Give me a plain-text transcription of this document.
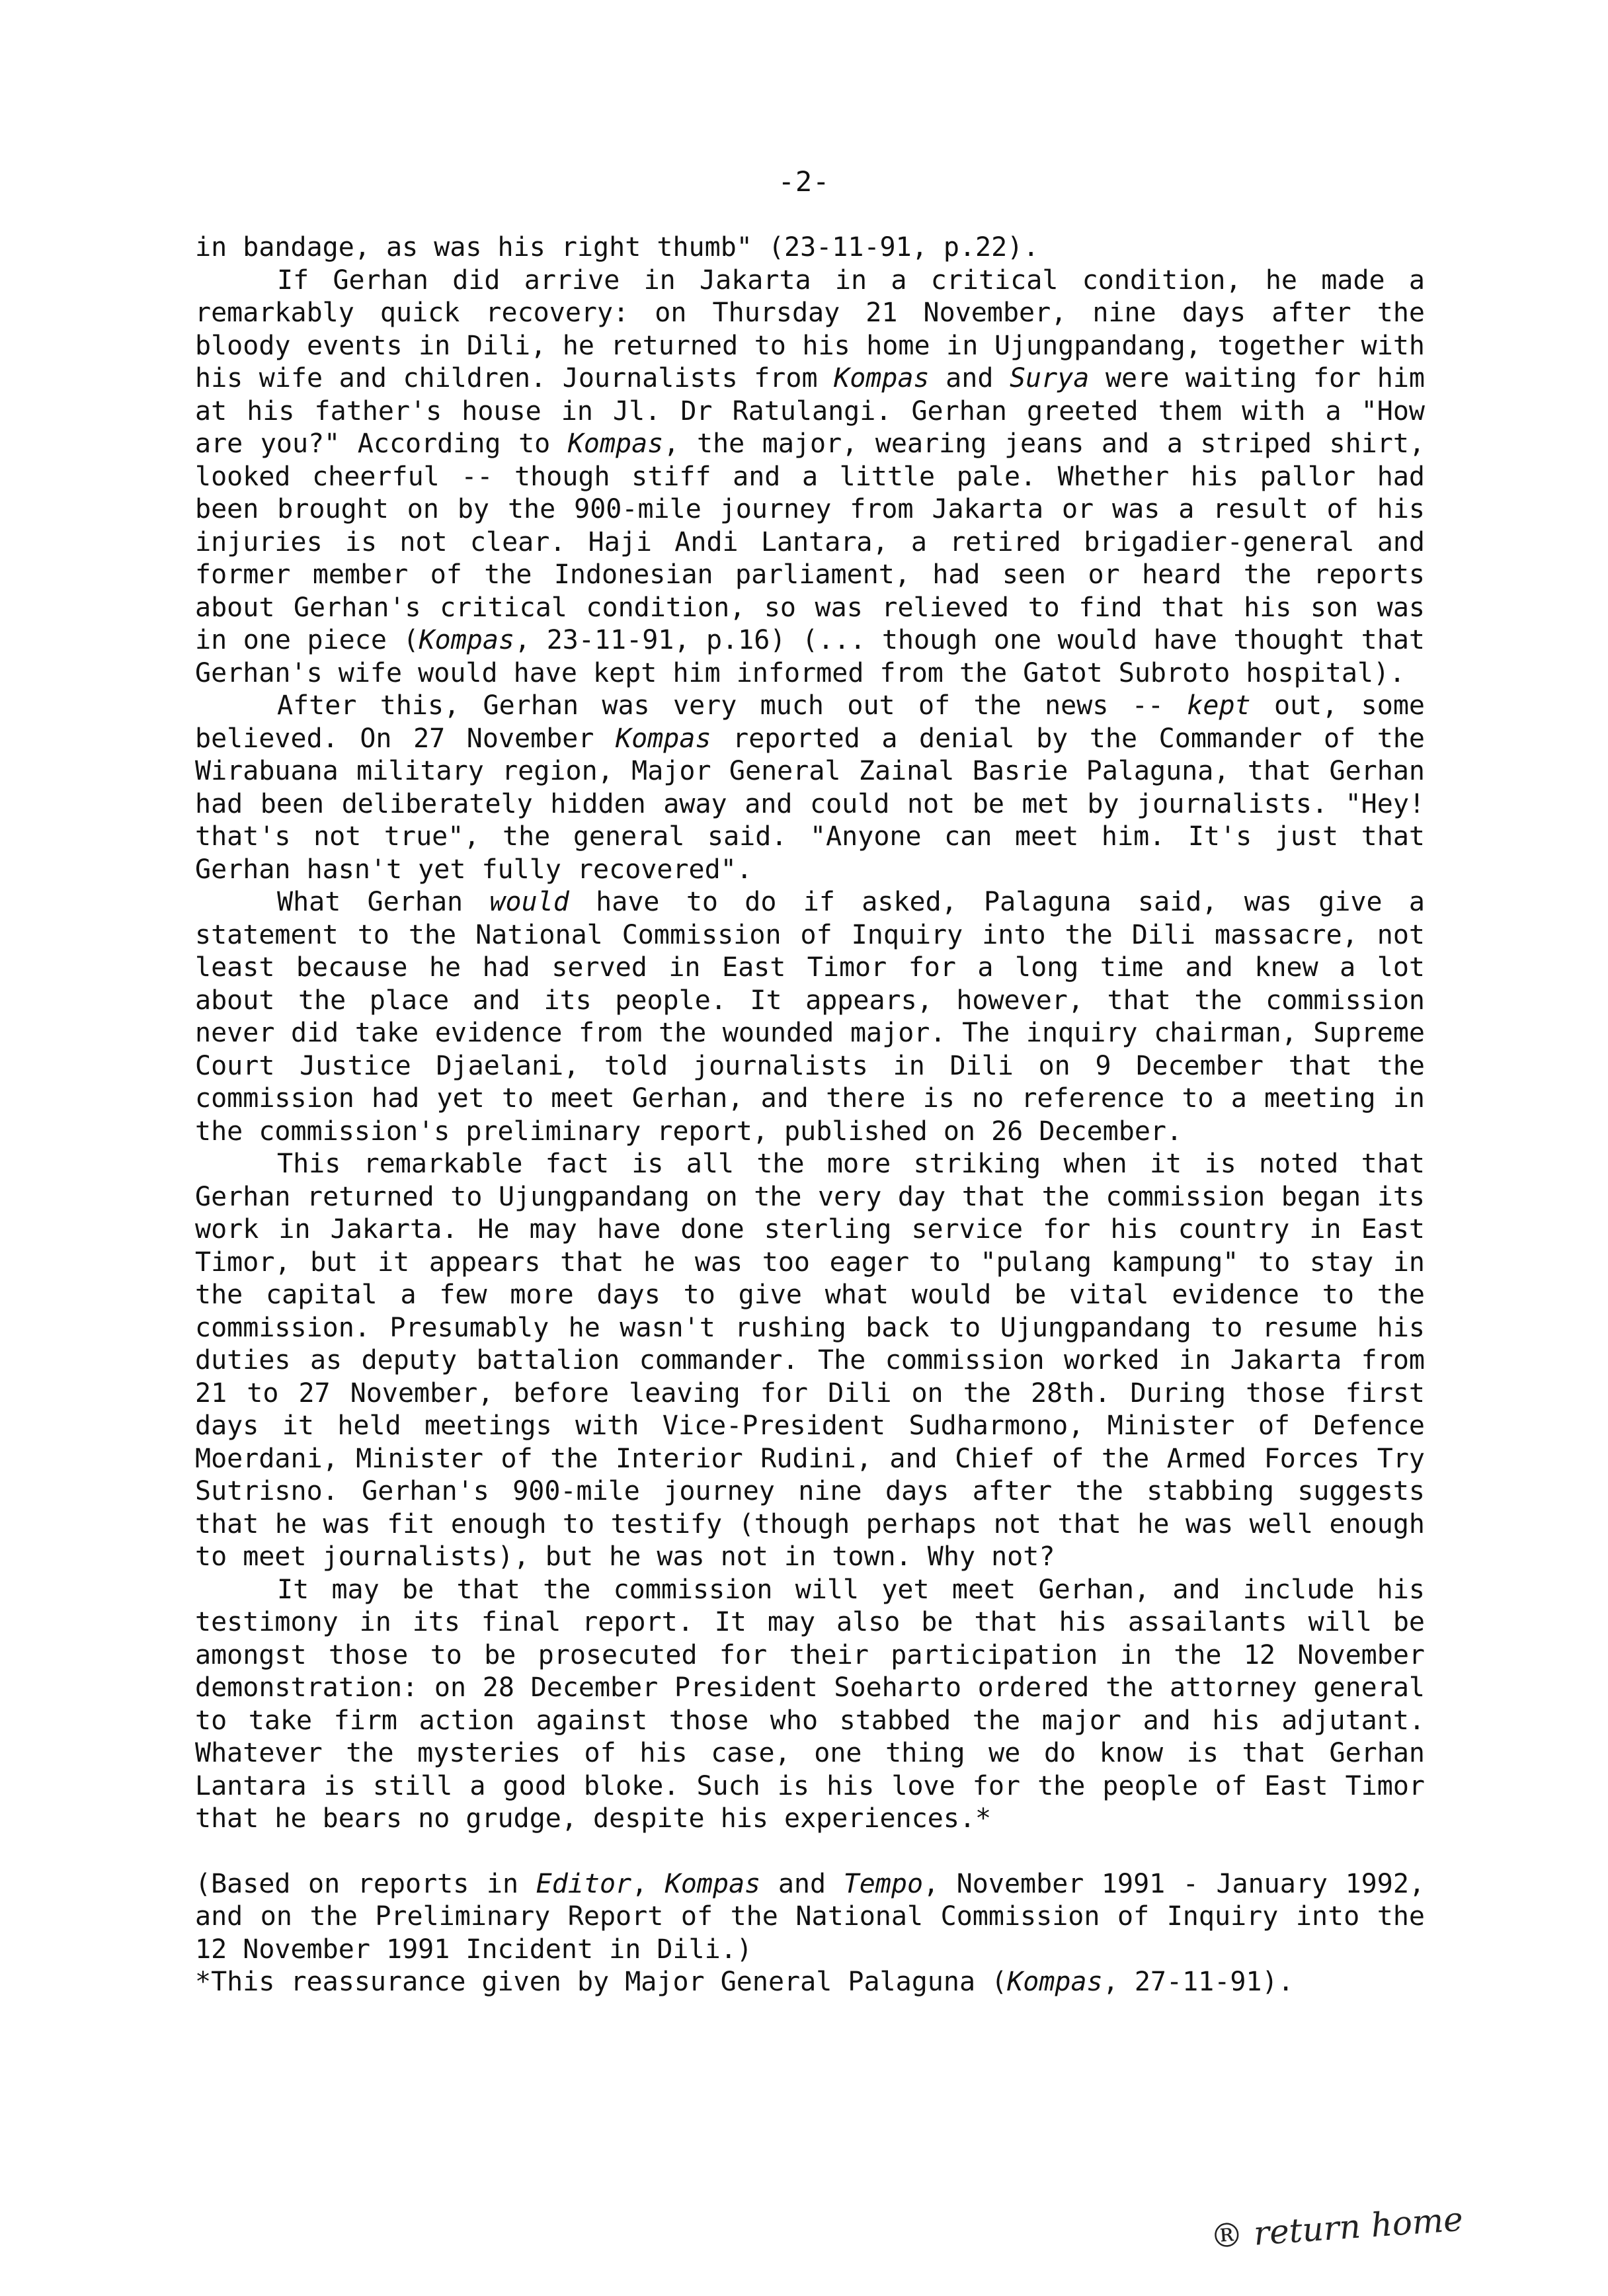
-2-

in bandage, as was his right thumb" (23-11-91, p.22).

If Gerhan did arrive in Jakarta in a critical condition, he made a remarkably quick recovery: on Thursday 21 November, nine days after the bloody events in Dili, he returned to his home in Ujungpandang, together with his wife and children. Journalists from Kompas and Surya were waiting for him at his father's house in Jl. Dr Ratulangi. Gerhan greeted them with a "How are you?" According to Kompas, the major, wearing jeans and a striped shirt, looked cheerful -- though stiff and a little pale. Whether his pallor had been brought on by the 900-mile journey from Jakarta or was a result of his injuries is not clear. Haji Andi Lantara, a retired brigadier-general and former member of the Indonesian parliament, had seen or heard the reports about Gerhan's critical condition, so was relieved to find that his son was in one piece (Kompas, 23-11-91, p.16) (... though one would have thought that Gerhan's wife would have kept him informed from the Gatot Subroto hospital).

After this, Gerhan was very much out of the news -- kept out, some believed. On 27 November Kompas reported a denial by the Commander of the Wirabuana military region, Major General Zainal Basrie Palaguna, that Gerhan had been deliberately hidden away and could not be met by journalists. "Hey! that's not true", the general said. "Anyone can meet him. It's just that Gerhan hasn't yet fully recovered".

What Gerhan would have to do if asked, Palaguna said, was give a statement to the National Commission of Inquiry into the Dili massacre, not least because he had served in East Timor for a long time and knew a lot about the place and its people. It appears, however, that the commission never did take evidence from the wounded major. The inquiry chairman, Supreme Court Justice Djaelani, told journalists in Dili on 9 December that the commission had yet to meet Gerhan, and there is no reference to a meeting in the commission's preliminary report, published on 26 December.

This remarkable fact is all the more striking when it is noted that Gerhan returned to Ujungpandang on the very day that the commission began its work in Jakarta. He may have done sterling service for his country in East Timor, but it appears that he was too eager to "pulang kampung" to stay in the capital a few more days to give what would be vital evidence to the commission. Presumably he wasn't rushing back to Ujungpandang to resume his duties as deputy battalion commander. The commission worked in Jakarta from 21 to 27 November, before leaving for Dili on the 28th. During those first days it held meetings with Vice-President Sudharmono, Minister of Defence Moerdani, Minister of the Interior Rudini, and Chief of the Armed Forces Try Sutrisno. Gerhan's 900-mile journey nine days after the stabbing suggests that he was fit enough to testify (though perhaps not that he was well enough to meet journalists), but he was not in town. Why not?

It may be that the commission will yet meet Gerhan, and include his testimony in its final report. It may also be that his assailants will be amongst those to be prosecuted for their participation in the 12 November demonstration: on 28 December President Soeharto ordered the attorney general to take firm action against those who stabbed the major and his adjutant. Whatever the mysteries of his case, one thing we do know is that Gerhan Lantara is still a good bloke. Such is his love for the people of East Timor that he bears no grudge, despite his experiences.*

(Based on reports in Editor, Kompas and Tempo, November 1991 - January 1992, and on the Preliminary Report of the National Commission of Inquiry into the 12 November 1991 Incident in Dili.)

*This reassurance given by Major General Palaguna (Kompas, 27-11-91).

® return home
